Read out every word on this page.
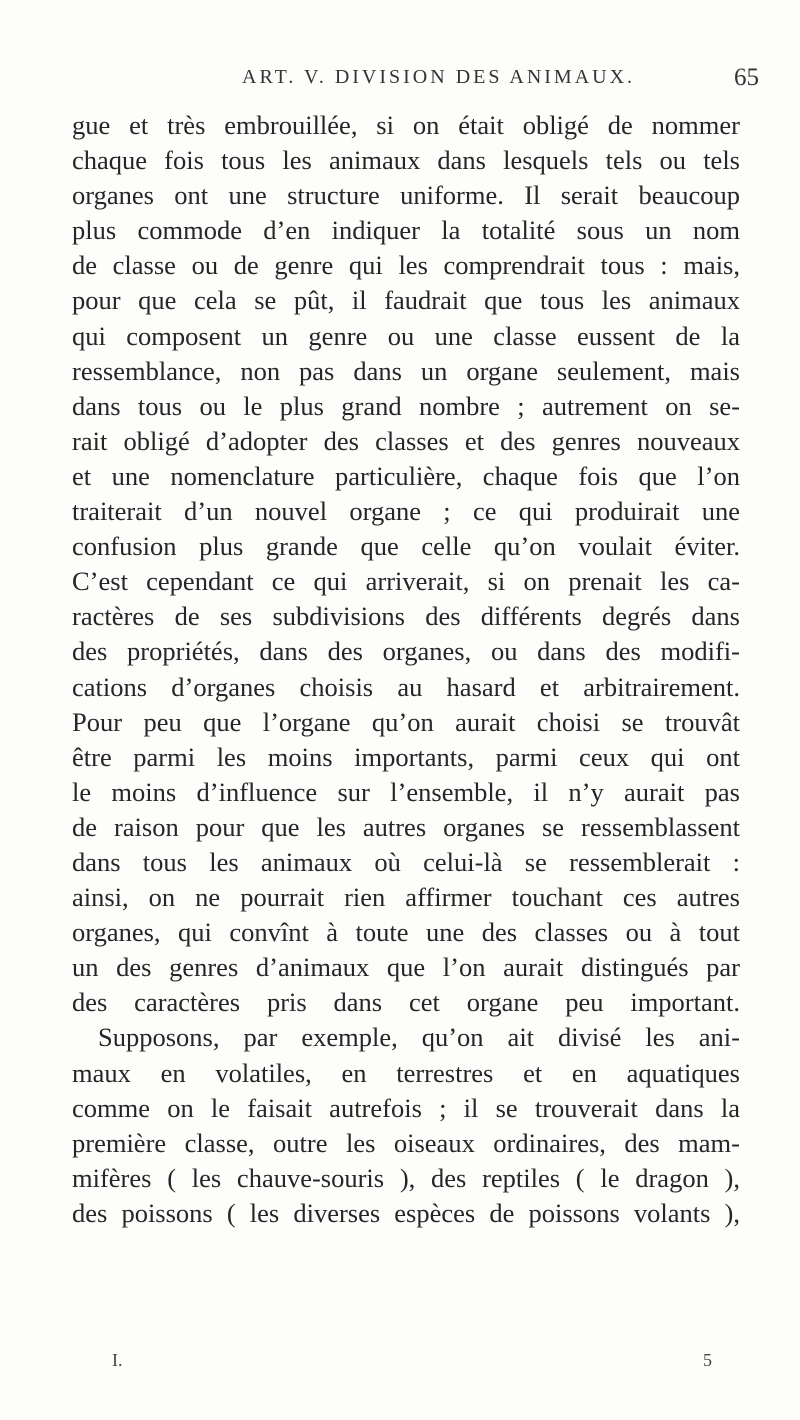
ART. V. DIVISION DES ANIMAUX.	65
gue et très embrouillée, si on était obligé de nommer
chaque fois tous les animaux dans lesquels tels ou tels
organes ont une structure uniforme. Il serait beaucoup
plus commode d’en indiquer la totalité sous un nom
de classe ou de genre qui les comprendrait tous : mais,
pour que cela se pût, il faudrait que tous les animaux
qui composent un genre ou une classe eussent de la
ressemblance, non pas dans un organe seulement, mais
dans tous ou le plus grand nombre ; autrement on se-
rait obligé d’adopter des classes et des genres nouveaux
et une nomenclature particulière, chaque fois que l’on
traiterait d’un nouvel organe ; ce qui produirait une
confusion plus grande que celle qu’on voulait éviter.
C’est cependant ce qui arriverait, si on prenait les ca-
ractères de ses subdivisions des différents degrés dans
des propriétés, dans des organes, ou dans des modifi-
cations d’organes choisis au hasard et arbitrairement.
Pour peu que l’organe qu’on aurait choisi se trouvât
être parmi les moins importants, parmi ceux qui ont
le moins d’influence sur l’ensemble, il n’y aurait pas
de raison pour que les autres organes se ressemblassent
dans tous les animaux où celui-là se ressemblerait :
ainsi, on ne pourrait rien affirmer touchant ces autres
organes, qui convînt à toute une des classes ou à tout
un des genres d’animaux que l’on aurait distingués par
des caractères pris dans cet organe peu important.
Supposons, par exemple, qu’on ait divisé les ani-
maux en volatiles, en terrestres et en aquatiques
comme on le faisait autrefois ; il se trouverait dans la
première classe, outre les oiseaux ordinaires, des mam-
mifères ( les chauve-souris ), des reptiles ( le dragon ),
des poissons ( les diverses espèces de poissons volants ),
I.	5
